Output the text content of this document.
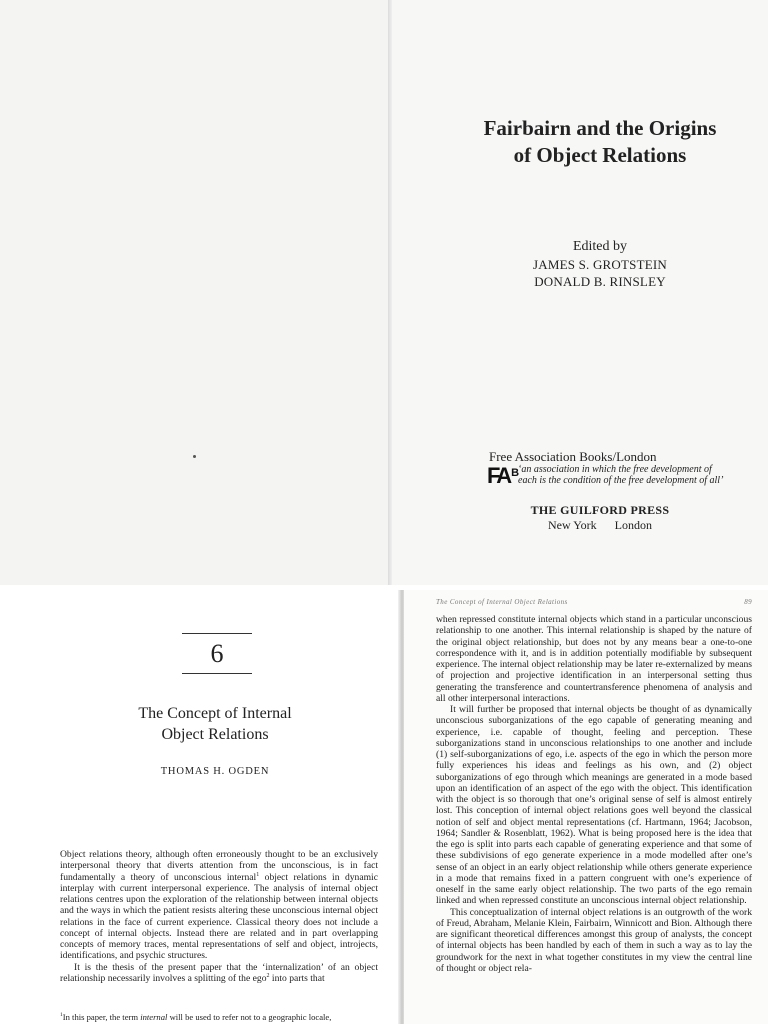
Fairbairn and the Origins
of Object Relations
Edited by
JAMES S. GROTSTEIN
DONALD B. RINSLEY
Free Association Books/London
FA $^B$
‘an association in which the free development of
each is the condition of the free development of all’
THE GUILFORD PRESS
New York London
6
The Concept of Internal
Object Relations
THOMAS H. OGDEN

Object relations theory, although often erroneously thought to be an exclusively interpersonal theory that diverts attention from the unconscious, is in fact fundamentally a theory of unconscious internal$^1$ object relations in dynamic interplay with current interpersonal experience. The analysis of internal object relations centres upon the exploration of the relationship between internal objects and the ways in which the patient resists altering these unconscious internal object relations in the face of current experience. Classical theory does not include a concept of internal objects. Instead there are related and in part overlapping concepts of memory traces, mental representations of self and object, introjects, identifications, and psychic structures.

It is the thesis of the present paper that the ‘internalization’ of an object relationship necessarily involves a splitting of the ego$^2$ into parts that

$^1$In this paper, the term internal will be used to refer not to a geographic locale,
The Concept of Internal Object Relations	89

when repressed constitute internal objects which stand in a particular unconscious relationship to one another. This internal relationship is shaped by the nature of the original object relationship, but does not by any means bear a one-to-one correspondence with it, and is in addition potentially modifiable by subsequent experience. The internal object relationship may be later re-externalized by means of projection and projective identification in an interpersonal setting thus generating the transference and countertransference phenomena of analysis and all other interpersonal interactions.

It will further be proposed that internal objects be thought of as dynamically unconscious suborganizations of the ego capable of generating meaning and experience, i.e. capable of thought, feeling and perception. These suborganizations stand in unconscious relationships to one another and include (1) self-suborganizations of ego, i.e. aspects of the ego in which the person more fully experiences his ideas and feelings as his own, and (2) object suborganizations of ego through which meanings are generated in a mode based upon an identification of an aspect of the ego with the object. This identification with the object is so thorough that one’s original sense of self is almost entirely lost. This conception of internal object relations goes well beyond the classical notion of self and object mental representations (cf. Hartmann, 1964; Jacobson, 1964; Sandler & Rosenblatt, 1962). What is being proposed here is the idea that the ego is split into parts each capable of generating experience and that some of these subdivisions of ego generate experience in a mode modelled after one’s sense of an object in an early object relationship while others generate experience in a mode that remains fixed in a pattern congruent with one’s experience of oneself in the same early object relationship. The two parts of the ego remain linked and when repressed constitute an unconscious internal object relationship.

This conceptualization of internal object relations is an outgrowth of the work of Freud, Abraham, Melanie Klein, Fairbairn, Winnicott and Bion. Although there are significant theoretical differences amongst this group of analysts, the concept of internal objects has been handled by each of them in such a way as to lay the groundwork for the next in what together constitutes in my view the central line of thought or object rela-
